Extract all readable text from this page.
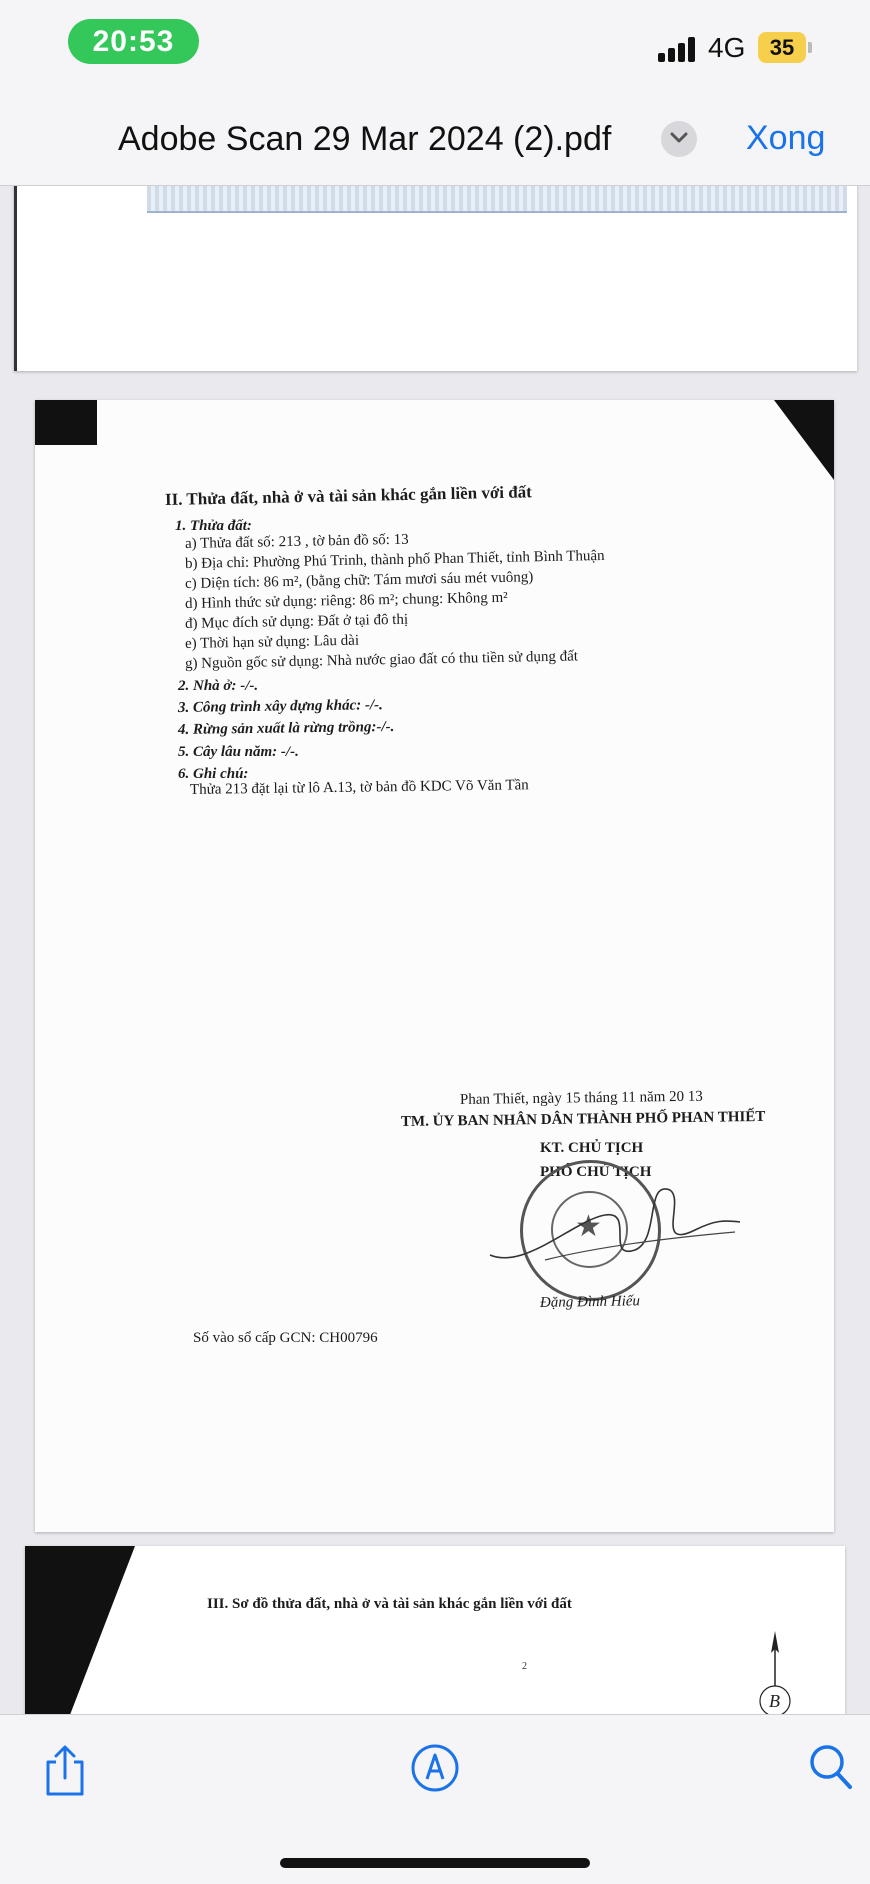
20:53	4G	35
Adobe Scan 29 Mar 2024 (2).pdf	Xong
II. Thửa đất, nhà ở và tài sản khác gắn liền với đất
1. Thửa đất:
a) Thửa đất số: 213 , tờ bản đồ số: 13
b) Địa chỉ: Phường Phú Trinh, thành phố Phan Thiết, tỉnh Bình Thuận
c) Diện tích: 86 m², (bằng chữ: Tám mươi sáu mét vuông)
d) Hình thức sử dụng: riêng: 86 m²; chung: Không m²
đ) Mục đích sử dụng: Đất ở tại đô thị
e) Thời hạn sử dụng: Lâu dài
g) Nguồn gốc sử dụng: Nhà nước giao đất có thu tiền sử dụng đất
2. Nhà ở: -/-.
3. Công trình xây dựng khác: -/-.
4. Rừng sản xuất là rừng trồng:-/-.
5. Cây lâu năm: -/-.
6. Ghi chú:
Thửa 213 đặt lại từ lô A.13, tờ bản đồ KDC Võ Văn Tần
Phan Thiết, ngày 15 tháng 11 năm 20 13
TM. ỦY BAN NHÂN DÂN THÀNH PHỐ PHAN THIẾT
KT. CHỦ TỊCH
PHÓ CHỦ TỊCH
★
Đặng Đình Hiếu
Số vào sổ cấp GCN: CH00796
III. Sơ đồ thửa đất, nhà ở và tài sản khác gắn liền với đất
2
B
